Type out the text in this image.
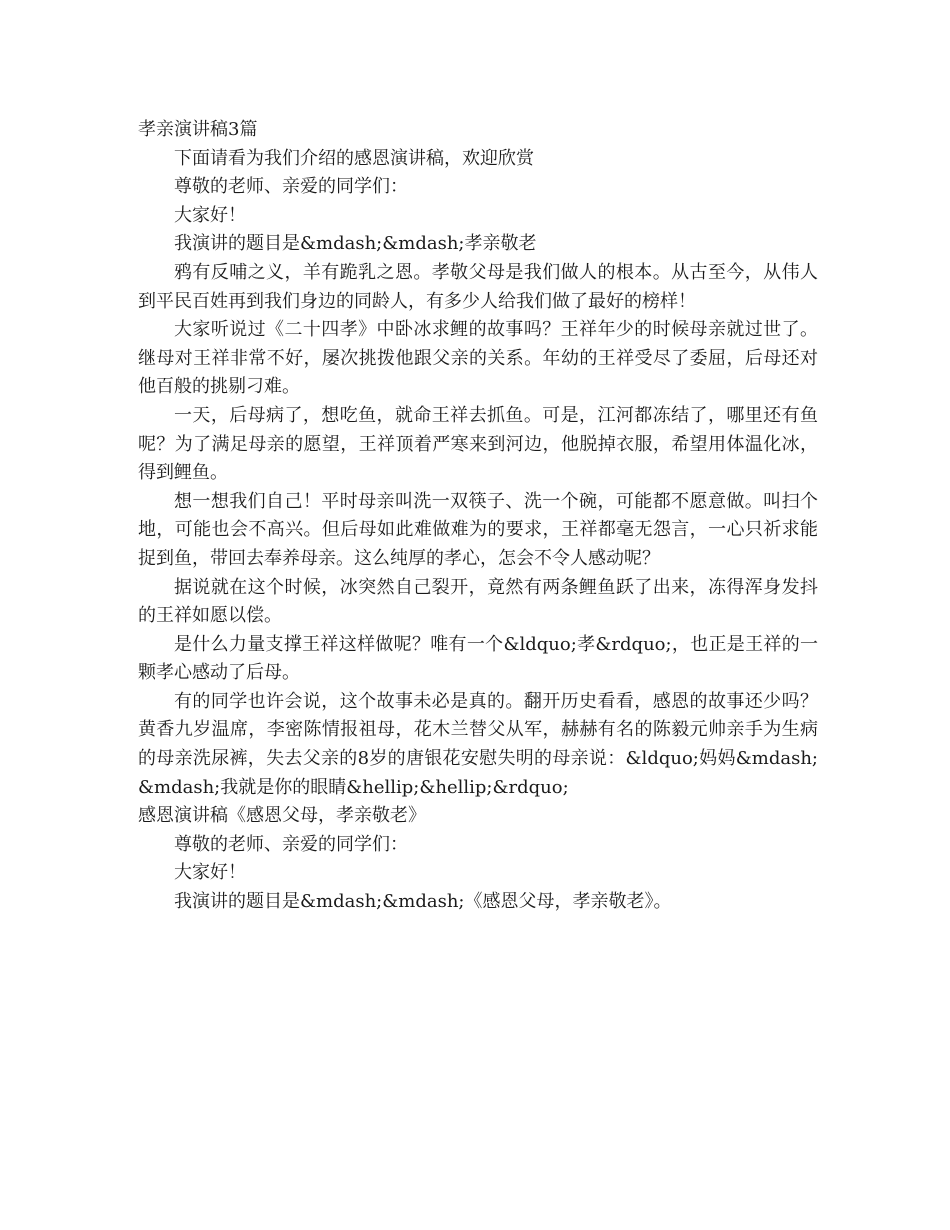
孝亲演讲稿3篇

下面请看为我们介绍的感恩演讲稿，欢迎欣赏

尊敬的老师、亲爱的同学们：

大家好！

我演讲的题目是&mdash;&mdash;孝亲敬老

鸦有反哺之义，羊有跪乳之恩。孝敬父母是我们做人的根本。从古至今，从伟人到平民百姓再到我们身边的同龄人，有多少人给我们做了最好的榜样！

大家听说过《二十四孝》中卧冰求鲤的故事吗？王祥年少的时候母亲就过世了。继母对王祥非常不好，屡次挑拨他跟父亲的关系。年幼的王祥受尽了委屈，后母还对他百般的挑剔刁难。

一天，后母病了，想吃鱼，就命王祥去抓鱼。可是，江河都冻结了，哪里还有鱼呢？为了满足母亲的愿望，王祥顶着严寒来到河边，他脱掉衣服，希望用体温化冰，得到鲤鱼。

想一想我们自己！平时母亲叫洗一双筷子、洗一个碗，可能都不愿意做。叫扫个地，可能也会不高兴。但后母如此难做难为的要求，王祥都毫无怨言，一心只祈求能捉到鱼，带回去奉养母亲。这么纯厚的孝心，怎会不令人感动呢？

据说就在这个时候，冰突然自己裂开，竟然有两条鲤鱼跃了出来，冻得浑身发抖的王祥如愿以偿。

是什么力量支撑王祥这样做呢？唯有一个&ldquo;孝&rdquo;，也正是王祥的一颗孝心感动了后母。

有的同学也许会说，这个故事未必是真的。翻开历史看看，感恩的故事还少吗？黄香九岁温席，李密陈情报祖母，花木兰替父从军，赫赫有名的陈毅元帅亲手为生病的母亲洗尿裤，失去父亲的8岁的唐银花安慰失明的母亲说：&ldquo;妈妈&mdash;&mdash;我就是你的眼睛&hellip;&hellip;&rdquo;

感恩演讲稿《感恩父母，孝亲敬老》

尊敬的老师、亲爱的同学们：

大家好！

我演讲的题目是&mdash;&mdash;《感恩父母，孝亲敬老》。
